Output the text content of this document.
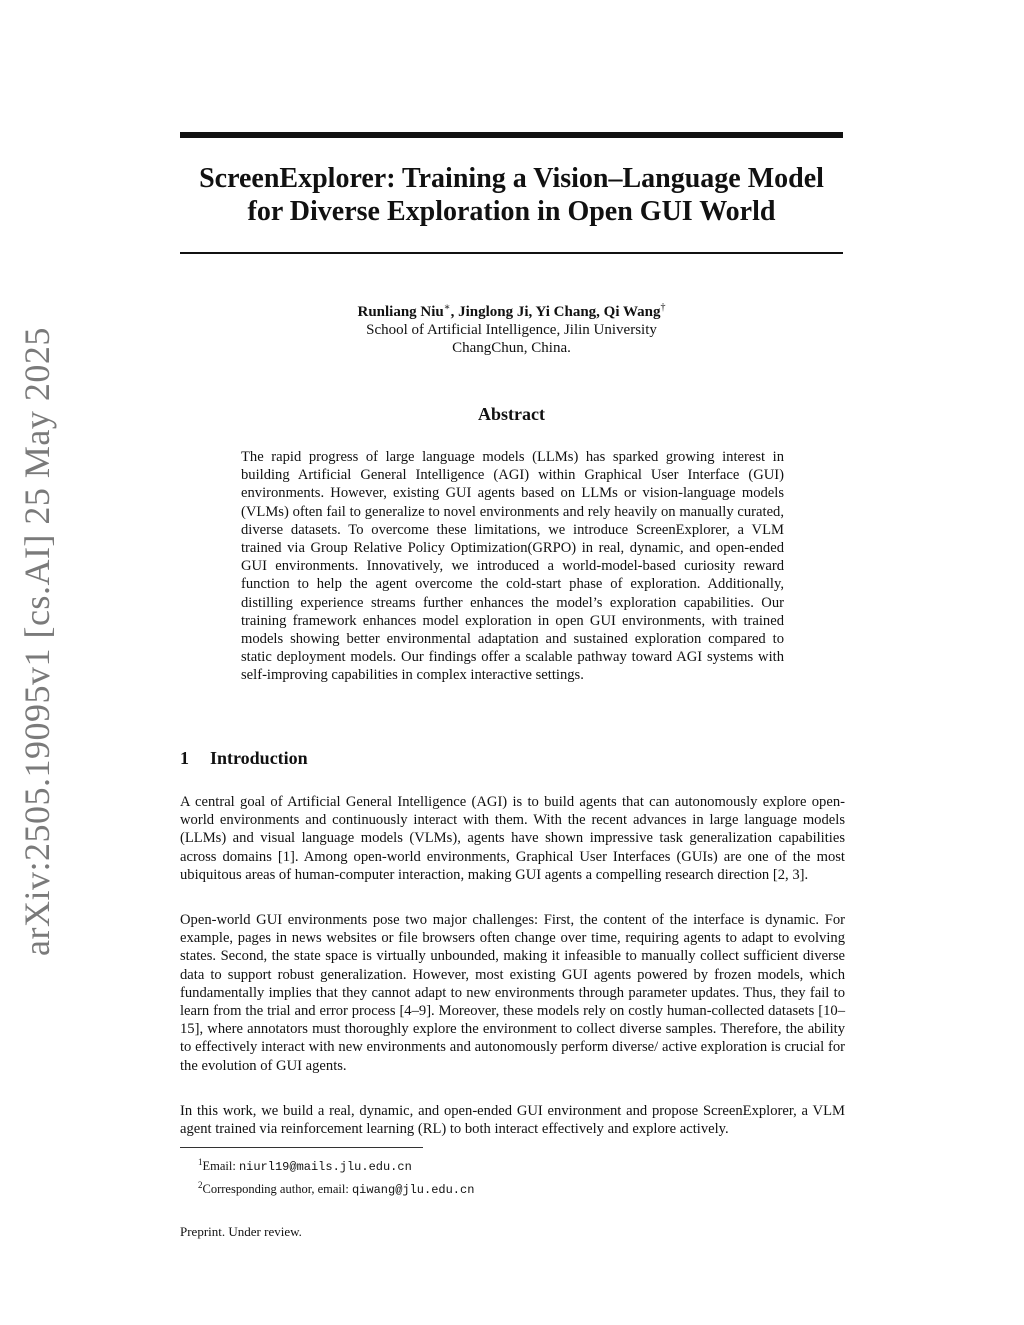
arXiv:2505.19095v1 [cs.AI] 25 May 2025
ScreenExplorer: Training a Vision–Language Model
for Diverse Exploration in Open GUI World
Runliang Niu∗, Jinglong Ji, Yi Chang, Qi Wang†
School of Artificial Intelligence, Jilin University
ChangChun, China.
Abstract
The rapid progress of large language models (LLMs) has sparked growing interest in building Artificial General Intelligence (AGI) within Graphical User Interface (GUI) environments. However, existing GUI agents based on LLMs or vision-language models (VLMs) often fail to generalize to novel environments and rely heavily on manually curated, diverse datasets. To overcome these limitations, we introduce ScreenExplorer, a VLM trained via Group Relative Policy Optimization(GRPO) in real, dynamic, and open-ended GUI environments. Innovatively, we introduced a world-model-based curiosity reward function to help the agent overcome the cold-start phase of exploration. Additionally, distilling experience streams further enhances the model’s exploration capabilities. Our training framework enhances model exploration in open GUI environments, with trained models showing better environmental adaptation and sustained exploration compared to static deployment models. Our findings offer a scalable pathway toward AGI systems with self-improving capabilities in complex interactive settings.
1 Introduction
A central goal of Artificial General Intelligence (AGI) is to build agents that can autonomously explore open-world environments and continuously interact with them. With the recent advances in large language models (LLMs) and visual language models (VLMs), agents have shown impressive task generalization capabilities across domains [1]. Among open-world environments, Graphical User Interfaces (GUIs) are one of the most ubiquitous areas of human-computer interaction, making GUI agents a compelling research direction [2, 3].
Open-world GUI environments pose two major challenges: First, the content of the interface is dynamic. For example, pages in news websites or file browsers often change over time, requiring agents to adapt to evolving states. Second, the state space is virtually unbounded, making it infeasible to manually collect sufficient diverse data to support robust generalization. However, most existing GUI agents powered by frozen models, which fundamentally implies that they cannot adapt to new environments through parameter updates. Thus, they fail to learn from the trial and error process [4–9]. Moreover, these models rely on costly human-collected datasets [10–15], where annotators must thoroughly explore the environment to collect diverse samples. Therefore, the ability to effectively interact with new environments and autonomously perform diverse/ active exploration is crucial for the evolution of GUI agents.
In this work, we build a real, dynamic, and open-ended GUI environment and propose ScreenExplorer, a VLM agent trained via reinforcement learning (RL) to both interact effectively and explore actively.
$^1$Email: niurl19@mails.jlu.edu.cn
$^2$Corresponding author, email: qiwang@jlu.edu.cn
Preprint. Under review.
